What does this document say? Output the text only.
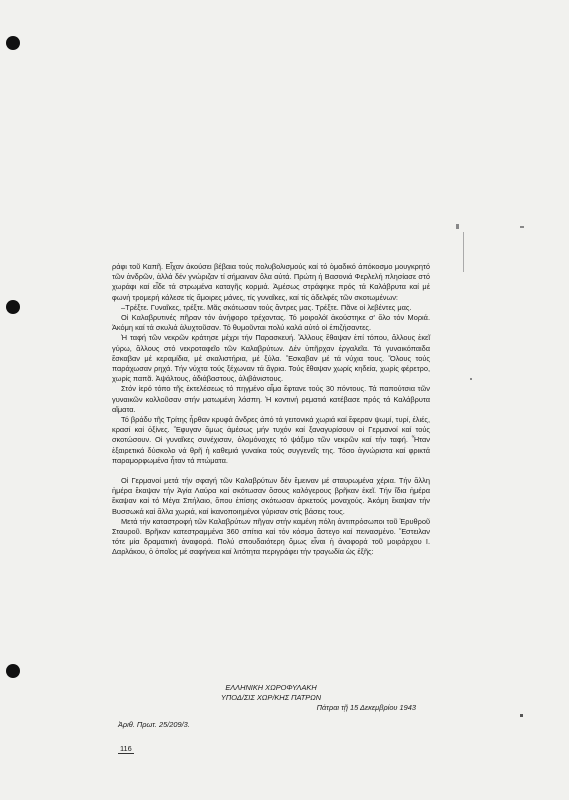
ράφι τοῦ Καπῆ. Εἶχαν ἀκούσει βέβαια τούς πολυβολισμούς καί τό ὁμαδικό ἀπόκοσμο μουγκρητό τῶν ἀνδρῶν, ἀλλά δέν γνώριζαν τί σήμαιναν ὅλα αὐτά. Πρώτη ἡ Βασονιά Φερλελή πλησίασε στό χωράφι καί εἶδε τά στρωμένα καταγῆς κορμιά. Ἀμέσως στράφηκε πρός τά Καλάβρυτα καί μέ φωνή τρομερή κάλεσε τίς ἄμοιρες μάνες, τίς γυναῖκες, καί τίς ἀδελφές τῶν σκοτωμένων:

–Τρέξτε. Γυναῖκες, τρέξτε. Μᾶς σκότωσαν τούς ἄντρες μας. Τρέξτε. Πᾶνε οἱ λεβέντες μας.

Οἱ Καλαβρυτινές πῆραν τόν ἀνήφορο τρέχοντας. Τό μοιρολόϊ ἀκούστηκε σ' ὅλο τόν Μοριά. Ἀκόμη καί τά σκυλιά ἀλυχτοῦσαν. Τό θυμοῦνται πολύ καλά αὐτό οἱ ἐπιζήσαντες.

Ἡ ταφή τῶν νεκρῶν κράτησε μέχρι τήν Παρασκευή. Ἄλλους ἔθαψαν ἐπί τόπου, ἄλλους ἐκεῖ γύρω, ἄλλους στό νεκροταφεῖο τῶν Καλαβρύτων. Δέν ὑπῆρχαν ἐργαλεῖα. Τά γυναικόπαιδα ἔσκαβαν μέ κεραμίδια, μέ σκαλιστήρια, μέ ξύλα. Ἔσκαβαν μέ τά νύχια τους. Ὅλους τούς παράχωσαν ρηχά. Τήν νύχτα τούς ξέχωναν τά ἄγρια. Τούς ἔθαψαν χωρίς κηδεία, χωρίς φέρετρο, χωρίς παπᾶ. Ἀψάλτους, ἀδιάβαστους, ἀλιβάνιστους.

Στόν ἱερό τόπο τῆς ἐκτελέσεως τό πηγμένο αἷμα ἔφτανε τούς 30 πόντους. Τά παπούτσια τῶν γυναικῶν κολλοῦσαν στήν ματωμένη λάσπη. Ἡ κοντινή ρεματιά κατέβασε πρός τά Καλάβρυτα αἵματα.

Τό βράδυ τῆς Τρίτης ἦρθαν κρυφά ἄνδρες ἀπό τά γειτονικά χωριά καί ἔφεραν ψωμί, τυρί, ἐλιές, κρασί καί ὀξίνες. Ἔφυγαν ὅμως ἀμέσως μήν τυχόν καί ξαναγυρίσουν οἱ Γερμανοί καί τούς σκοτώσουν. Οἱ γυναῖκες συνέχισαν, ὁλομόναχες τό ψάξιμο τῶν νεκρῶν καί τήν ταφή. Ἦταν ἐξαιρετικά δύσκολο νά θρῆ ἡ καθεμιά γυναίκα τούς συγγενεῖς της. Τόσο ἀγνώριστα καί φρικτά παραμορφωμένα ἦταν τά πτώματα.

Οἱ Γερμανοί μετά τήν σφαγή τῶν Καλαβρύτων δέν ἔμειναν μέ σταυρωμένα χέρια. Τήν ἄλλη ἡμέρα ἔκαψαν τήν Ἁγία Λαύρα καί σκότωσαν ὅσους καλόγερους βρῆκαν ἐκεῖ. Τήν ἴδια ἡμέρα ἔκαψαν καί τό Μέγα Σπήλαιο, ὅπου ἐπίσης σκότωσαν ἀρκετούς μοναχούς. Ἀκόμη ἔκαψαν τήν Βυσσωκά καί ἄλλα χωριά, καί ἰκανοποιημένοι γύρισαν στίς βάσεις τους.

Μετά τήν καταστροφή τῶν Καλαβρύτων πῆγαν στήν καμένη πόλη ἀντιπρόσωποι τοῦ Ἐρυθροῦ Σταυροῦ. Βρῆκαν κατεστραμμένα 360 σπίτια καί τόν κόσμο ἄστεγο καί πεινασμένο. Ἔστειλαν τότε μία δραματική ἀναφορά. Πολύ σπουδαιότερη ὅμως εἶναι ἡ ἀναφορά τοῦ μοιράρχου Ι. Δαρλάκου, ὁ ὁποῖος μέ σαφήνεια καί λιτότητα περιγράφει τήν τραγωδία ὡς ἑξῆς:

ΕΛΛΗΝΙΚΗ ΧΩΡΟΦΥΛΑΚΗ
ΥΠΟΔ/ΣΙΣ ΧΩΡ/ΚΗΣ ΠΑΤΡΩΝ
Πάτραι τῇ 15 Δεκεμβρίου 1943
Ἀριθ. Πρωτ. 25/209/3.
116
